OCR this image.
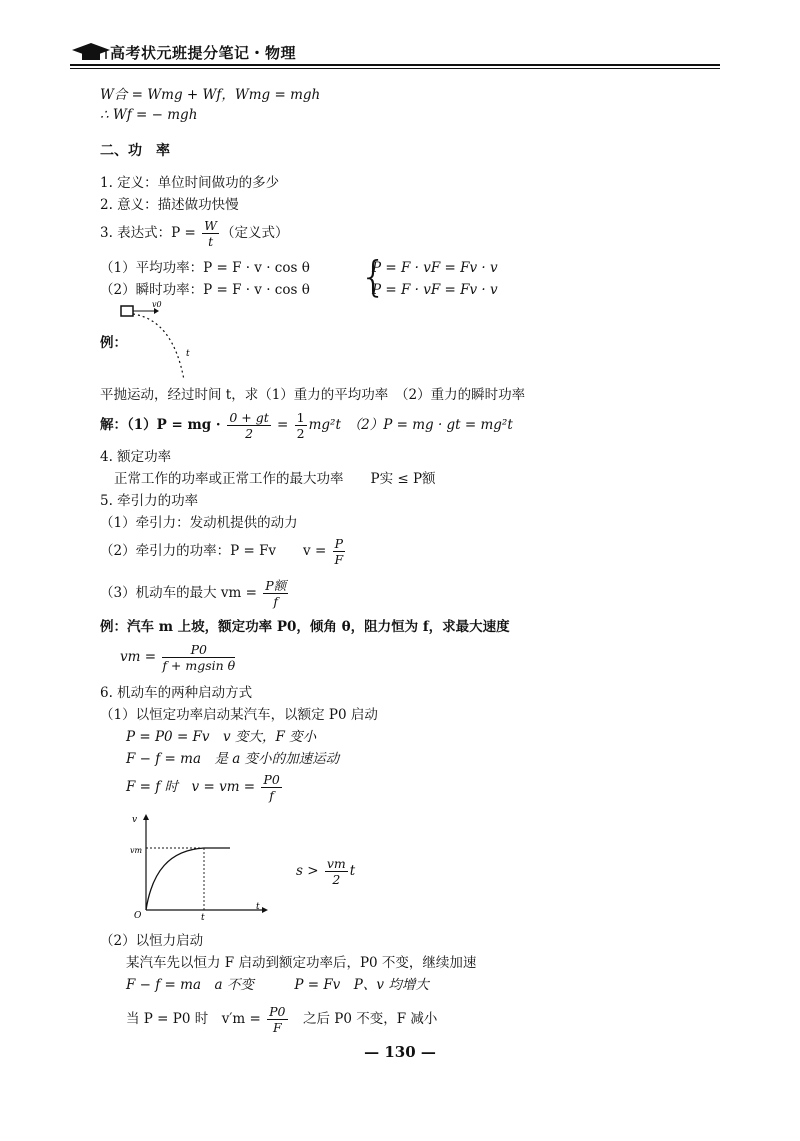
高考状元班提分笔记・物理
W合 = Wmg + Wf，Wmg = mgh
∴ Wf = − mgh
二、功　率
1. 定义：单位时间做功的多少
2. 意义：描述做功快慢
3. 表达式：$P = \frac{W}{t}$ （定义式）
（1）平均功率：P = F · v · cos θ
（2）瞬时功率：P = F · v · cos θ {
P = F · vF = Fv · v
P = F · vF = Fv · v
v0
t
例：
平抛运动，经过时间 t，求（1）重力的平均功率　（2）重力的瞬时功率
解：（1）P = mg · $\frac{0 + gt}{2} = \frac{1}{2} mg^2t$　（2）P = mg · gt = mg²t
4. 额定功率
正常工作的功率或正常工作的最大功率　　P实 ≤ P额
5. 牵引力的功率
（1）牵引力：发动机提供的动力
（2）牵引力的功率：P = Fv　　$v = \frac{P}{F}$
（3）机动车的最大 vm = $\frac{\text{P额}}{f}$
例：汽车 m 上坡，额定功率 P0，倾角 θ，阻力恒为 f，求最大速度
vm = $\frac{P0}{\text{f + mgsin θ}}$
6. 机动车的两种启动方式
（1）以恒定功率启动某汽车，以额定 P0 启动
P = P0 = Fv　v 变大，F 变小
F − f = ma　是 a 变小的加速运动
F = f 时　v = vm = $\frac{P0}{f}$
v
t
vm
O	t
$s > \frac{vm}{2}$ t
（2）以恒力启动
某汽车先以恒力 F 启动到额定功率后，P0 不变，继续加速
F − f = ma　a 不变　　　P = Fv　P、v 均增大
当 P = P0 时　$v'm = \frac{P0}{F}$ 　之后 P0 不变，F 减小
— 130 —
